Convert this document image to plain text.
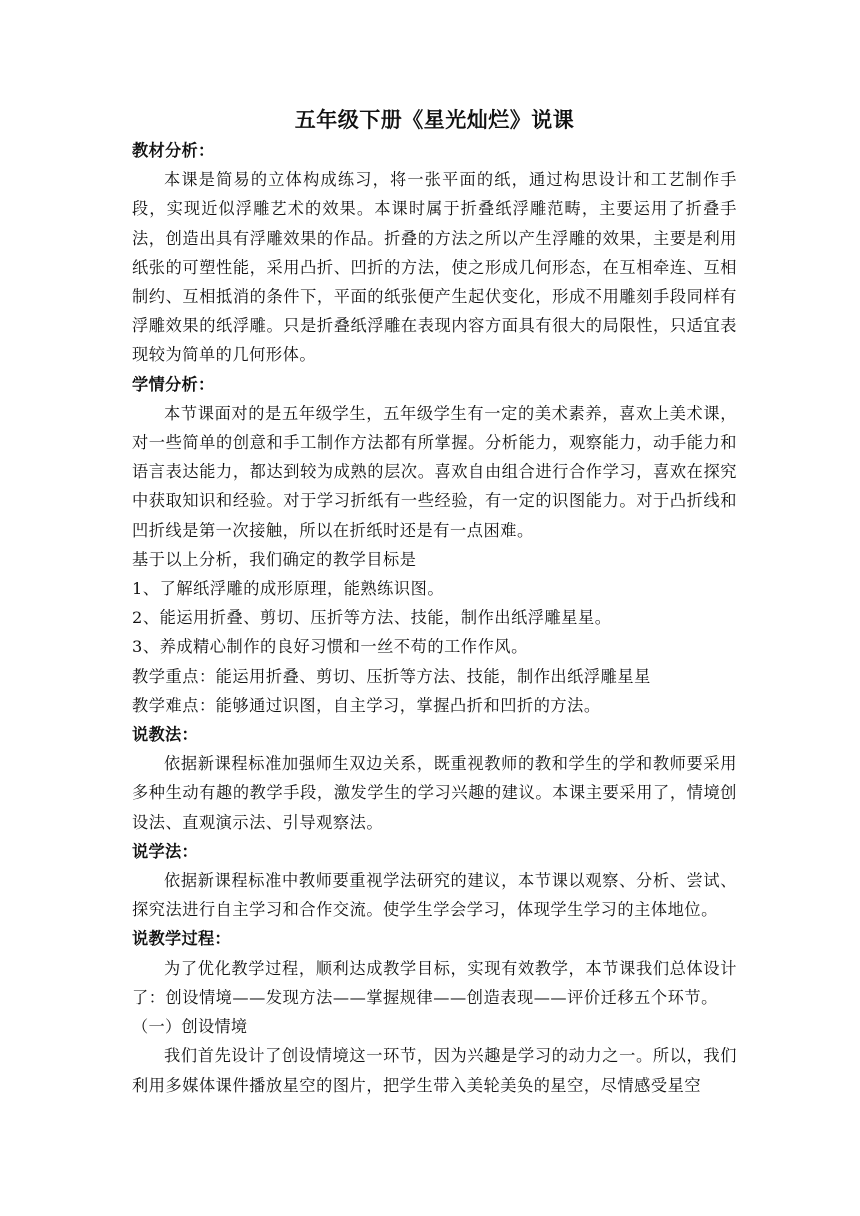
五年级下册《星光灿烂》说课

教材分析：

本课是简易的立体构成练习，将一张平面的纸，通过构思设计和工艺制作手段，实现近似浮雕艺术的效果。本课时属于折叠纸浮雕范畴，主要运用了折叠手法，创造出具有浮雕效果的作品。折叠的方法之所以产生浮雕的效果，主要是利用纸张的可塑性能，采用凸折、凹折的方法，使之形成几何形态，在互相牵连、互相制约、互相抵消的条件下，平面的纸张便产生起伏变化，形成不用雕刻手段同样有浮雕效果的纸浮雕。只是折叠纸浮雕在表现内容方面具有很大的局限性，只适宜表现较为简单的几何形体。

学情分析：

本节课面对的是五年级学生，五年级学生有一定的美术素养，喜欢上美术课，对一些简单的创意和手工制作方法都有所掌握。分析能力，观察能力，动手能力和语言表达能力，都达到较为成熟的层次。喜欢自由组合进行合作学习，喜欢在探究中获取知识和经验。对于学习折纸有一些经验，有一定的识图能力。对于凸折线和凹折线是第一次接触，所以在折纸时还是有一点困难。

基于以上分析，我们确定的教学目标是

1、了解纸浮雕的成形原理，能熟练识图。

2、能运用折叠、剪切、压折等方法、技能，制作出纸浮雕星星。

3、养成精心制作的良好习惯和一丝不苟的工作作风。

教学重点：能运用折叠、剪切、压折等方法、技能，制作出纸浮雕星星

教学难点：能够通过识图，自主学习，掌握凸折和凹折的方法。

说教法：

依据新课程标准加强师生双边关系，既重视教师的教和学生的学和教师要采用多种生动有趣的教学手段，激发学生的学习兴趣的建议。本课主要采用了，情境创设法、直观演示法、引导观察法。

说学法：

依据新课程标准中教师要重视学法研究的建议，本节课以观察、分析、尝试、探究法进行自主学习和合作交流。使学生学会学习，体现学生学习的主体地位。

说教学过程：

为了优化教学过程，顺利达成教学目标，实现有效教学，本节课我们总体设计了：创设情境——发现方法——掌握规律——创造表现——评价迁移五个环节。

（一）创设情境

我们首先设计了创设情境这一环节，因为兴趣是学习的动力之一。所以，我们利用多媒体课件播放星空的图片，把学生带入美轮美奂的星空，尽情感受星空
